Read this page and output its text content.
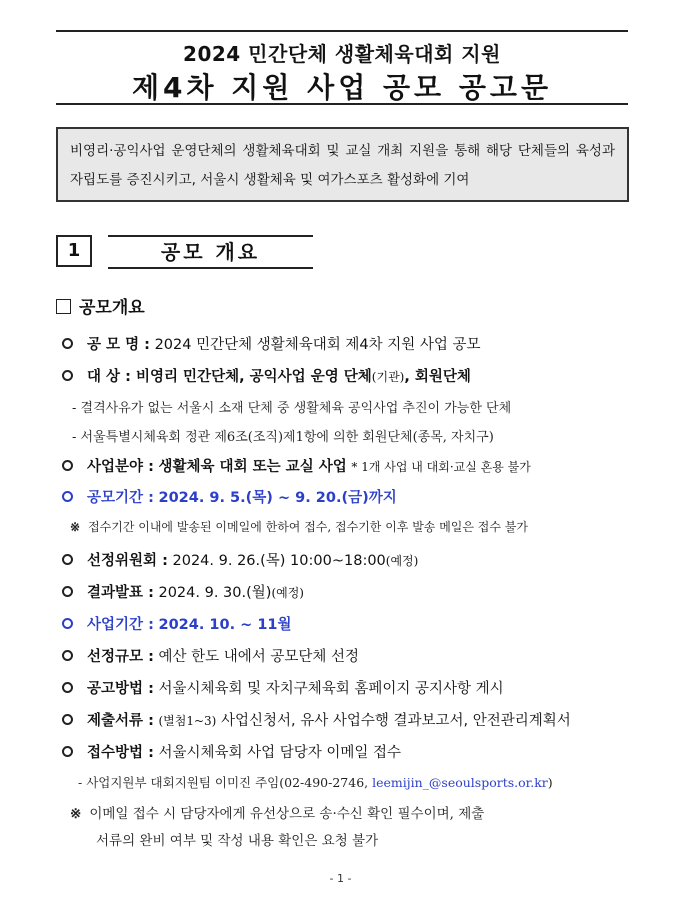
2024 민간단체 생활체육대회 지원
제4차 지원 사업 공모 공고문
비영리·공익사업 운영단체의 생활체육대회 및 교실 개최 지원을 통해 해당 단체들의 육성과 자립도를 증진시키고, 서울시 생활체육 및 여가스포츠 활성화에 기여
1	공모 개요
공모개요
공 모 명 : 2024 민간단체 생활체육대회 제4차 지원 사업 공모
대 상 : 비영리 민간단체, 공익사업 운영 단체(기관), 회원단체
- 결격사유가 없는 서울시 소재 단체 중 생활체육 공익사업 추진이 가능한 단체
- 서울특별시체육회 정관 제6조(조직)제1항에 의한 회원단체(종목, 자치구)
사업분야 : 생활체육 대회 또는 교실 사업 * 1개 사업 내 대회·교실 혼용 불가
공모기간 : 2024. 9. 5.(목) ~ 9. 20.(금)까지
※ 접수기간 이내에 발송된 이메일에 한하여 접수, 접수기한 이후 발송 메일은 접수 불가
선정위원회 : 2024. 9. 26.(목) 10:00~18:00(예정)
결과발표 : 2024. 9. 30.(월)(예정)
사업기간 : 2024. 10. ~ 11월
선정규모 : 예산 한도 내에서 공모단체 선정
공고방법 : 서울시체육회 및 자치구체육회 홈페이지 공지사항 게시
제출서류 : (별첨1~3) 사업신청서, 유사 사업수행 결과보고서, 안전관리계획서
접수방법 : 서울시체육회 사업 담당자 이메일 접수
- 사업지원부 대회지원팀 이미진 주임(02-490-2746, leemijin_@seoulsports.or.kr)
※ 이메일 접수 시 담당자에게 유선상으로 송·수신 확인 필수이며, 제출
서류의 완비 여부 및 작성 내용 확인은 요청 불가
- 1 -
